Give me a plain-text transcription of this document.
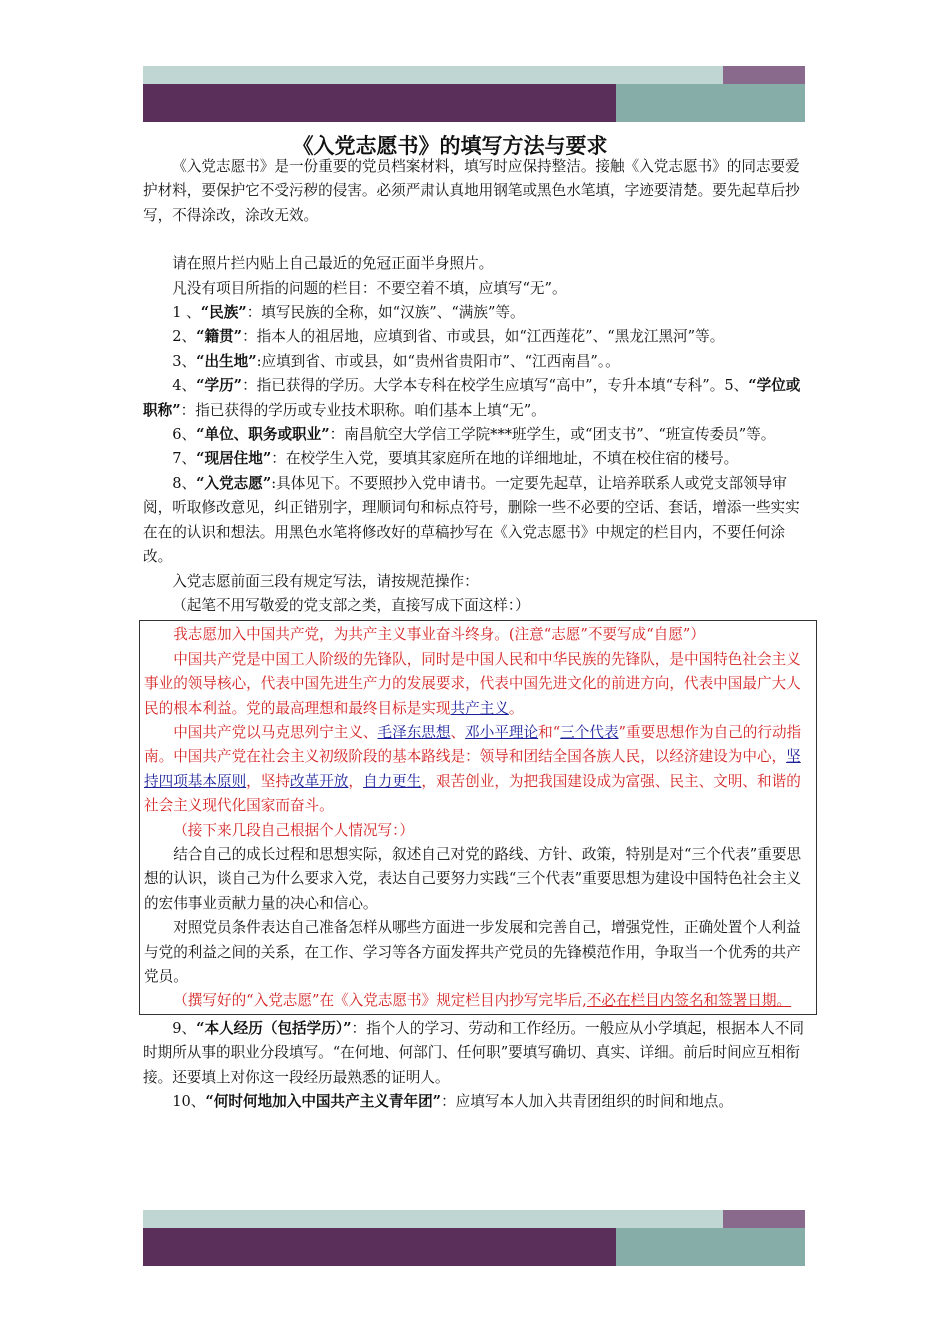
《入党志愿书》的填写方法与要求

《入党志愿书》是一份重要的党员档案材料，填写时应保持整洁。接触《入党志愿书》的同志要爱护材料，要保护它不受污秽的侵害。必须严肃认真地用钢笔或黑色水笔填，字迹要清楚。要先起草后抄写，不得涂改，涂改无效。

请在照片拦内贴上自己最近的免冠正面半身照片。

凡没有项目所指的问题的栏目：不要空着不填，应填写“无”。

1 、“民族”：填写民族的全称，如“汉族”、“满族”等。

2、“籍贯”：指本人的祖居地，应填到省、市或县，如“江西莲花”、“黑龙江黑河”等。

3、“出生地”:应填到省、市或县，如“贵州省贵阳市”、“江西南昌”。。

4、“学历”：指已获得的学历。大学本专科在校学生应填写“高中”，专升本填“专科”。5、“学位或职称”：指已获得的学历或专业技术职称。咱们基本上填“无”。

6、“单位、职务或职业”：南昌航空大学信工学院***班学生，或“团支书”、“班宣传委员”等。

7、“现居住地”：在校学生入党，要填其家庭所在地的详细地址，不填在校住宿的楼号。

8、“入党志愿”:具体见下。不要照抄入党申请书。一定要先起草，让培养联系人或党支部领导审阅，听取修改意见，纠正错别字，理顺词句和标点符号，删除一些不必要的空话、套话，增添一些实实在在的认识和想法。用黑色水笔将修改好的草稿抄写在《入党志愿书》中规定的栏目内，不要任何涂改。

入党志愿前面三段有规定写法，请按规范操作：

（起笔不用写敬爱的党支部之类，直接写成下面这样：）

我志愿加入中国共产党，为共产主义事业奋斗终身。(注意“志愿”不要写成“自愿”）

中国共产党是中国工人阶级的先锋队，同时是中国人民和中华民族的先锋队，是中国特色社会主义事业的领导核心，代表中国先进生产力的发展要求，代表中国先进文化的前进方向，代表中国最广大人民的根本利益。党的最高理想和最终目标是实现共产主义。

中国共产党以马克思列宁主义、毛泽东思想、邓小平理论和“三个代表”重要思想作为自己的行动指南。中国共产党在社会主义初级阶段的基本路线是：领导和团结全国各族人民，以经济建设为中心，坚持四项基本原则，坚持改革开放，自力更生，艰苦创业，为把我国建设成为富强、民主、文明、和谐的社会主义现代化国家而奋斗。

（接下来几段自己根据个人情况写：）

结合自己的成长过程和思想实际，叙述自己对党的路线、方针、政策，特别是对“三个代表”重要思想的认识，谈自己为什么要求入党，表达自己要努力实践“三个代表”重要思想为建设中国特色社会主义的宏伟事业贡献力量的决心和信心。

对照党员条件表达自己准备怎样从哪些方面进一步发展和完善自己，增强党性，正确处置个人利益与党的利益之间的关系，在工作、学习等各方面发挥共产党员的先锋模范作用，争取当一个优秀的共产党员。

（撰写好的“入党志愿”在《入党志愿书》规定栏目内抄写完毕后,不必在栏目内签名和签署日期。

9、“本人经历（包括学历）”：指个人的学习、劳动和工作经历。一般应从小学填起，根据本人不同时期所从事的职业分段填写。“在何地、何部门、任何职”要填写确切、真实、详细。前后时间应互相衔接。还要填上对你这一段经历最熟悉的证明人。

10、“何时何地加入中国共产主义青年团”：应填写本人加入共青团组织的时间和地点。
